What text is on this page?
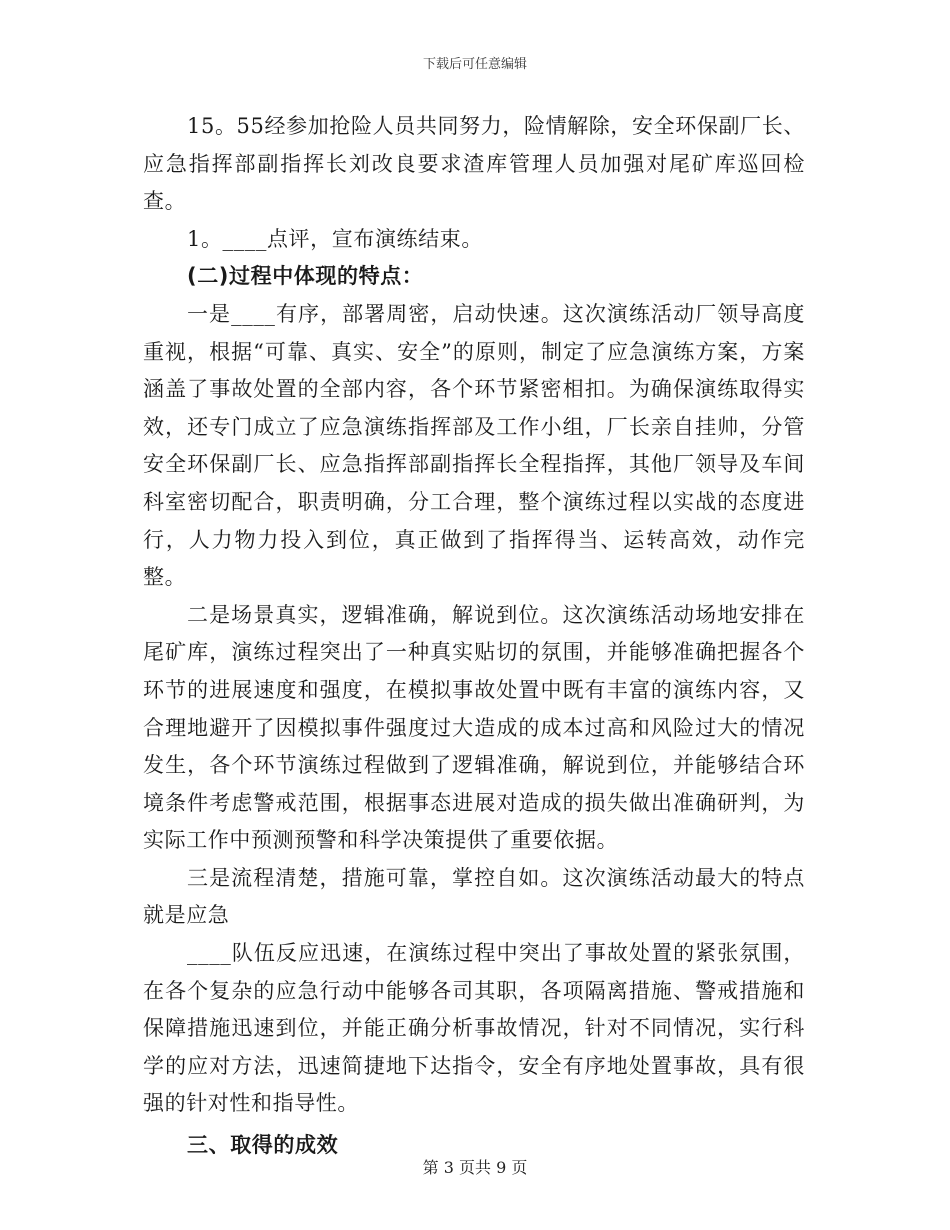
下载后可任意编辑

15。55经参加抢险人员共同努力，险情解除，安全环保副厂长、应急指挥部副指挥长刘改良要求渣库管理人员加强对尾矿库巡回检查。

1。____点评，宣布演练结束。

(二)过程中体现的特点：

一是____有序，部署周密，启动快速。这次演练活动厂领导高度重视，根据“可靠、真实、安全”的原则，制定了应急演练方案，方案涵盖了事故处置的全部内容，各个环节紧密相扣。为确保演练取得实效，还专门成立了应急演练指挥部及工作小组，厂长亲自挂帅，分管安全环保副厂长、应急指挥部副指挥长全程指挥，其他厂领导及车间科室密切配合，职责明确，分工合理，整个演练过程以实战的态度进行，人力物力投入到位，真正做到了指挥得当、运转高效，动作完整。

二是场景真实，逻辑准确，解说到位。这次演练活动场地安排在尾矿库，演练过程突出了一种真实贴切的氛围，并能够准确把握各个环节的进展速度和强度，在模拟事故处置中既有丰富的演练内容，又合理地避开了因模拟事件强度过大造成的成本过高和风险过大的情况发生，各个环节演练过程做到了逻辑准确，解说到位，并能够结合环境条件考虑警戒范围，根据事态进展对造成的损失做出准确研判，为实际工作中预测预警和科学决策提供了重要依据。

三是流程清楚，措施可靠，掌控自如。这次演练活动最大的特点就是应急

____队伍反应迅速，在演练过程中突出了事故处置的紧张氛围，在各个复杂的应急行动中能够各司其职，各项隔离措施、警戒措施和保障措施迅速到位，并能正确分析事故情况，针对不同情况，实行科学的应对方法，迅速简捷地下达指令，安全有序地处置事故，具有很强的针对性和指导性。

三、取得的成效

第 3 页共 9 页
